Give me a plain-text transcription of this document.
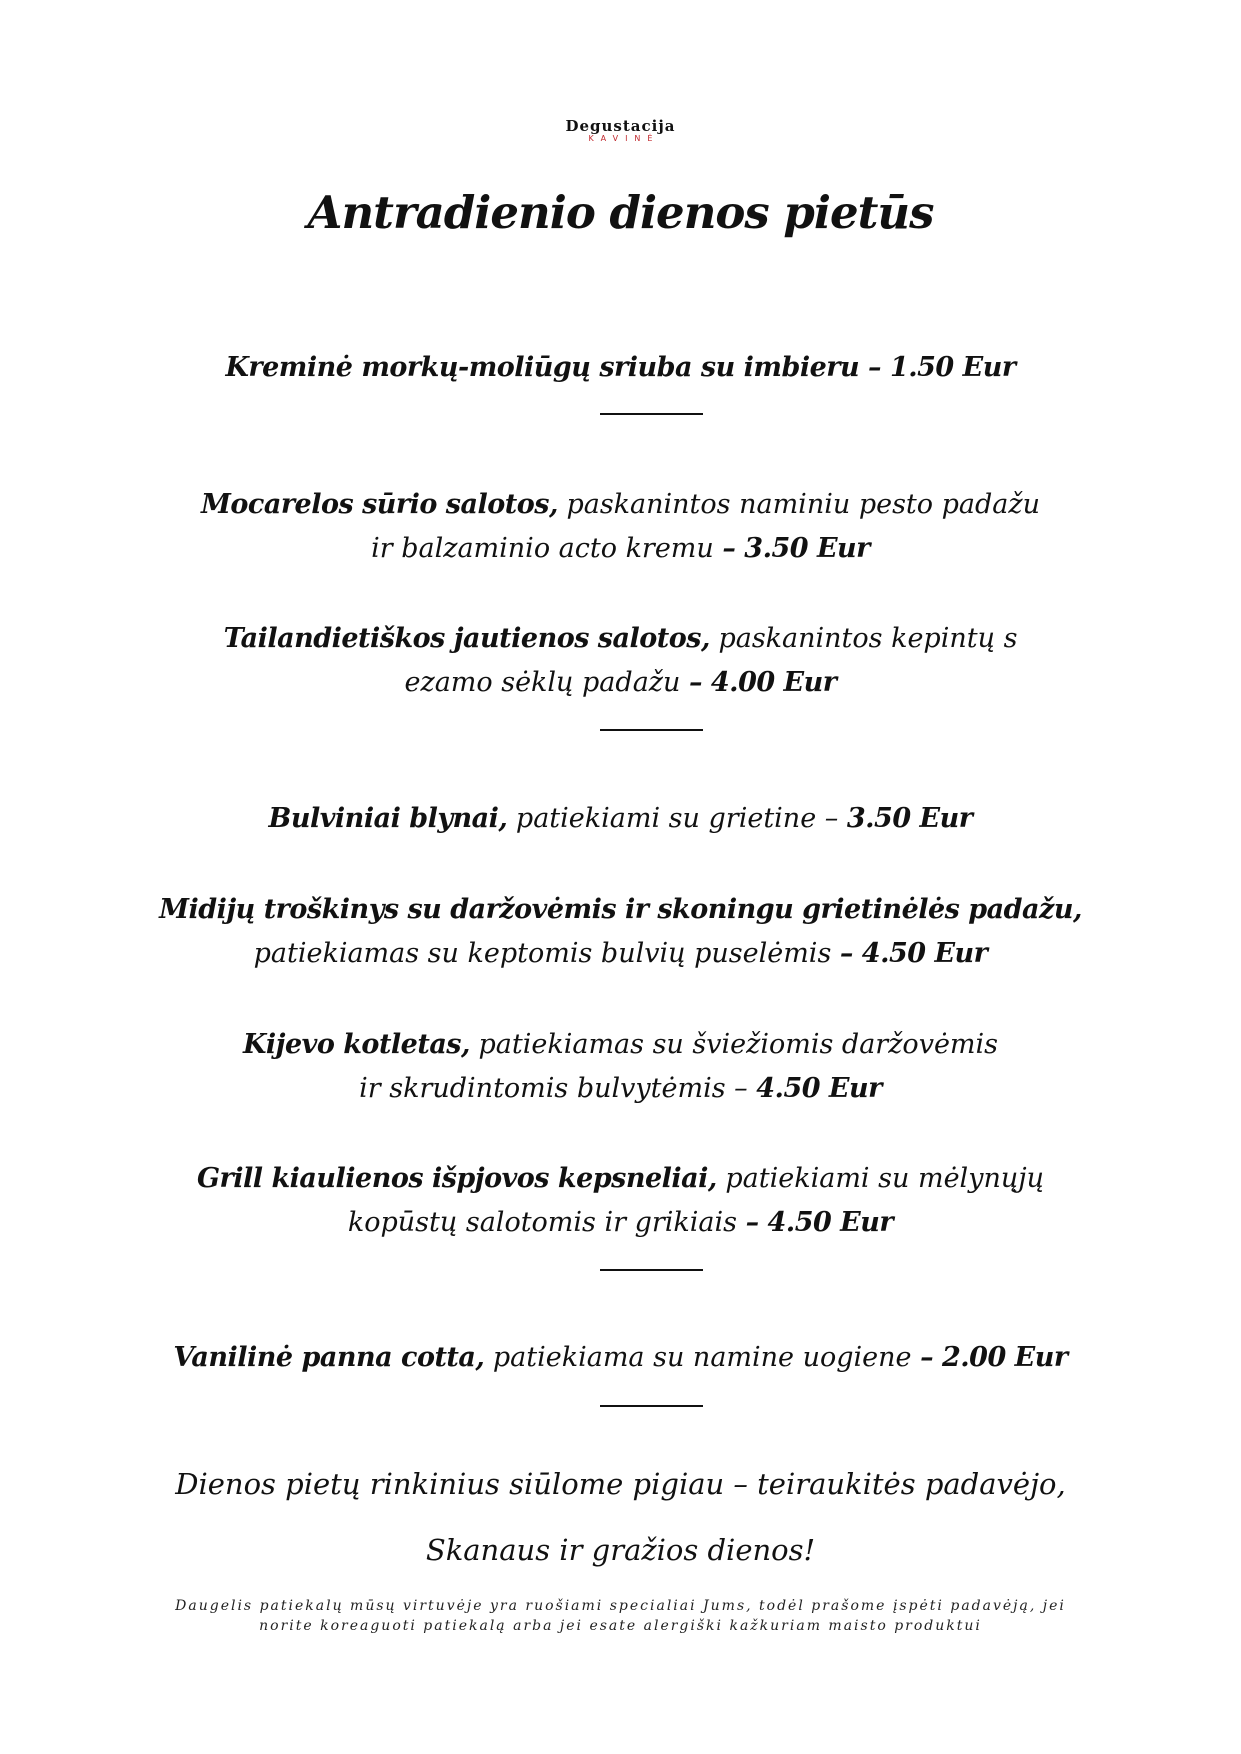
Degustacija
KAVINĖ
Antradienio dienos pietūs
Kreminė morkų-moliūgų sriuba su imbieru – 1.50 Eur
Mocarelos sūrio salotos, paskanintos naminiu pesto padažu
ir balzaminio acto kremu – 3.50 Eur
Tailandietiškos jautienos salotos, paskanintos kepintų s
ezamo sėklų padažu – 4.00 Eur
Bulviniai blynai, patiekiami su grietine – 3.50 Eur
Midijų troškinys su daržovėmis ir skoningu grietinėlės padažu,
patiekiamas su keptomis bulvių puselėmis – 4.50 Eur
Kijevo kotletas, patiekiamas su šviežiomis daržovėmis
ir skrudintomis bulvytėmis – 4.50 Eur
Grill kiaulienos išpjovos kepsneliai, patiekiami su mėlynųjų
kopūstų salotomis ir grikiais – 4.50 Eur
Vanilinė panna cotta, patiekiama su namine uogiene – 2.00 Eur
Dienos pietų rinkinius siūlome pigiau – teiraukitės padavėjo,
Skanaus ir gražios dienos!
Daugelis patiekalų mūsų virtuvėje yra ruošiami specialiai Jums, todėl prašome įspėti padavėją, jei
norite koreaguoti patiekalą arba jei esate alergiški kažkuriam maisto produktui
